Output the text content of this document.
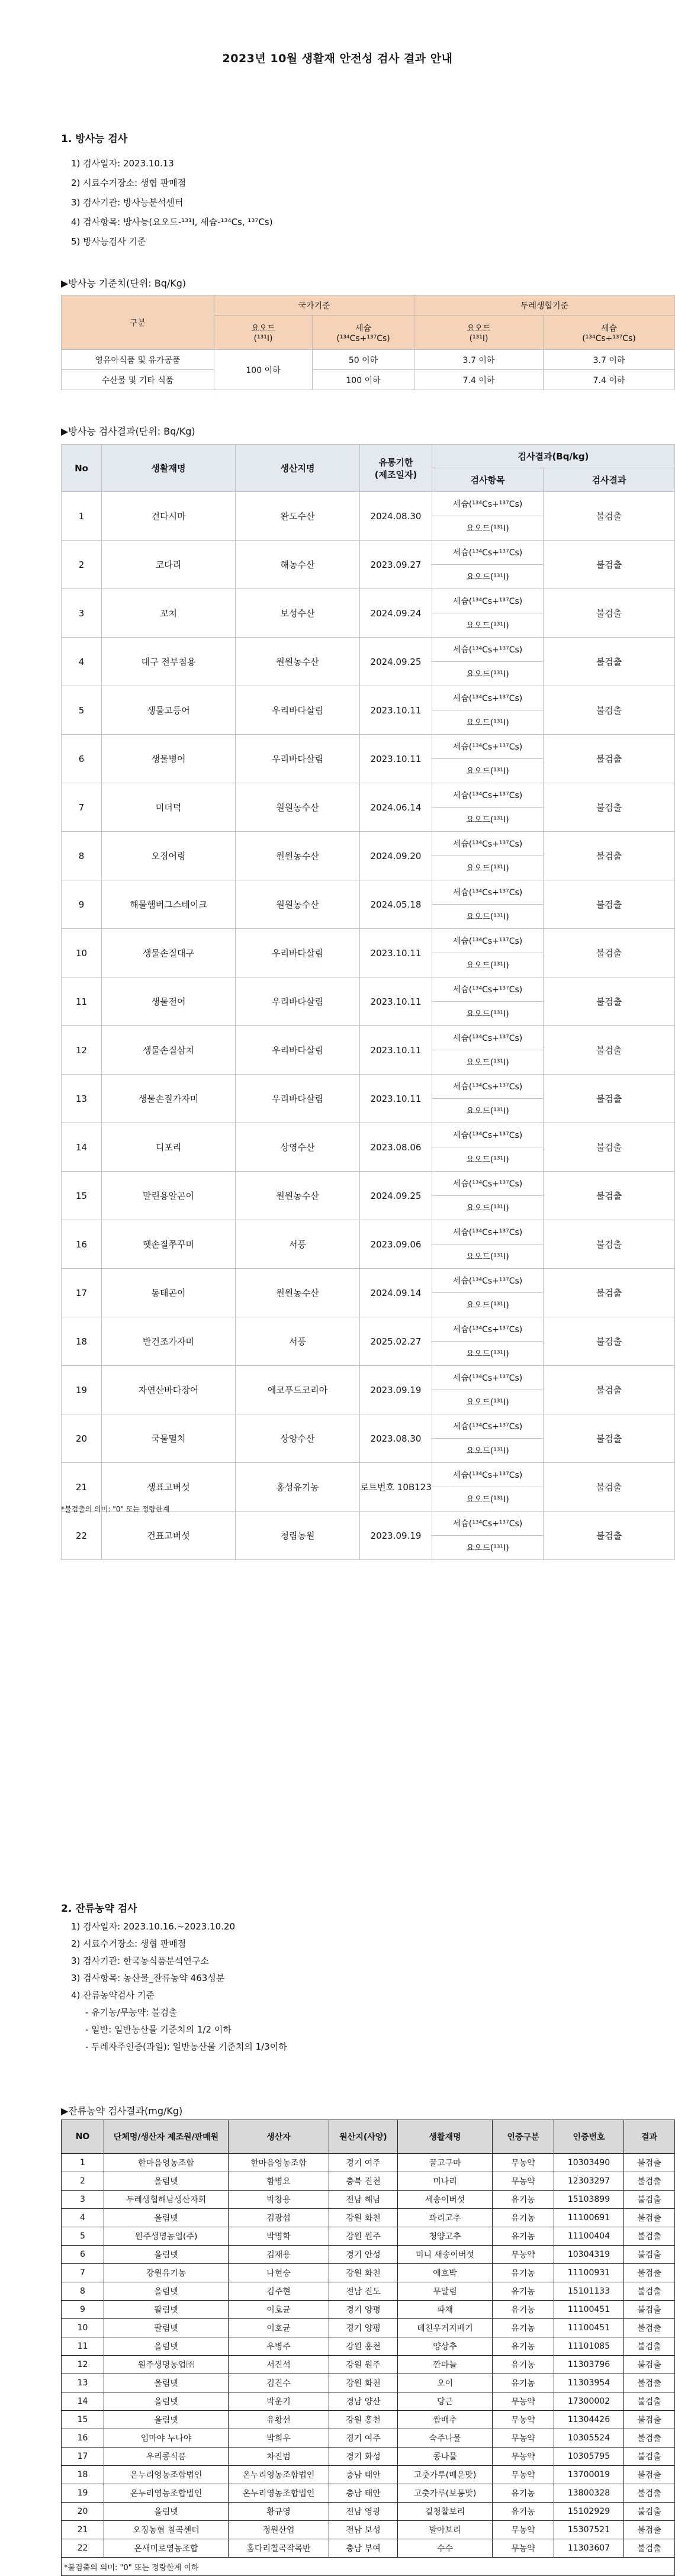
2023년 10월 생활재 안전성 검사 결과 안내
1. 방사능 검사
1) 검사일자: 2023.10.13
2) 시료수거장소: 생협 판매점
3) 검사기관: 방사능분석센터
4) 검사항목: 방사능(요오드-¹³¹I, 세슘-¹³⁴Cs, ¹³⁷Cs)
5) 방사능검사 기준
▶방사능 기준치(단위: Bq/Kg)
구분	국가기준		두레생협기준	
	요오드
(¹³¹I)	세슘
(¹³⁴Cs+¹³⁷Cs)	요오드
(¹³¹I)	세슘
(¹³⁴Cs+¹³⁷Cs)
영유아식품 및 유가공품	100 이하	50 이하	3.7 이하	3.7 이하
수산물 및 기타 식품		100 이하	7.4 이하	7.4 이하
▶방사능 검사결과(단위: Bq/Kg)
No	생활재명	생산지명	유통기한
(제조일자)	검사결과(Bq/kg)	
				검사항목	검사결과
1	건다시마	완도수산	2024.08.30	세슘(¹³⁴Cs+¹³⁷Cs)	불검출
				요오드(¹³¹I)	
2	코다리	해농수산	2023.09.27	세슘(¹³⁴Cs+¹³⁷Cs)	불검출
				요오드(¹³¹I)	
3	꼬치	보성수산	2024.09.24	세슘(¹³⁴Cs+¹³⁷Cs)	불검출
				요오드(¹³¹I)	
4	대구 전부침용	원원농수산	2024.09.25	세슘(¹³⁴Cs+¹³⁷Cs)	불검출
				요오드(¹³¹I)	
5	생물고등어	우리바다살림	2023.10.11	세슘(¹³⁴Cs+¹³⁷Cs)	불검출
				요오드(¹³¹I)	
6	생물병어	우리바다살림	2023.10.11	세슘(¹³⁴Cs+¹³⁷Cs)	불검출
				요오드(¹³¹I)	
7	미더덕	원원농수산	2024.06.14	세슘(¹³⁴Cs+¹³⁷Cs)	불검출
				요오드(¹³¹I)	
8	오징어링	원원농수산	2024.09.20	세슘(¹³⁴Cs+¹³⁷Cs)	불검출
				요오드(¹³¹I)	
9	해물햄버그스테이크	원원농수산	2024.05.18	세슘(¹³⁴Cs+¹³⁷Cs)	불검출
				요오드(¹³¹I)	
10	생물손질대구	우리바다살림	2023.10.11	세슘(¹³⁴Cs+¹³⁷Cs)	불검출
				요오드(¹³¹I)	
11	생물전어	우리바다살림	2023.10.11	세슘(¹³⁴Cs+¹³⁷Cs)	불검출
				요오드(¹³¹I)	
12	생물손질삼치	우리바다살림	2023.10.11	세슘(¹³⁴Cs+¹³⁷Cs)	불검출
				요오드(¹³¹I)	
13	생물손질가자미	우리바다살림	2023.10.11	세슘(¹³⁴Cs+¹³⁷Cs)	불검출
				요오드(¹³¹I)	
14	디포리	상영수산	2023.08.06	세슘(¹³⁴Cs+¹³⁷Cs)	불검출
				요오드(¹³¹I)	
15	말린용알곤이	원원농수산	2024.09.25	세슘(¹³⁴Cs+¹³⁷Cs)	불검출
				요오드(¹³¹I)	
16	햇손질쭈꾸미	서풍	2023.09.06	세슘(¹³⁴Cs+¹³⁷Cs)	불검출
				요오드(¹³¹I)	
17	동태곤이	원원농수산	2024.09.14	세슘(¹³⁴Cs+¹³⁷Cs)	불검출
				요오드(¹³¹I)	
18	반건조가자미	서풍	2025.02.27	세슘(¹³⁴Cs+¹³⁷Cs)	불검출
				요오드(¹³¹I)	
19	자연산바다장어	에코푸드코리아	2023.09.19	세슘(¹³⁴Cs+¹³⁷Cs)	불검출
				요오드(¹³¹I)	
20	국물멸치	상양수산	2023.08.30	세슘(¹³⁴Cs+¹³⁷Cs)	불검출
				요오드(¹³¹I)	
21	생표고버섯	홍성유기농	로트번호 10B123	세슘(¹³⁴Cs+¹³⁷Cs)	불검출
				요오드(¹³¹I)	
22	건표고버섯	청림농원	2023.09.19	세슘(¹³⁴Cs+¹³⁷Cs)	불검출
				요오드(¹³¹I)	
*불검출의 의미: "0" 또는 정량한계
2. 잔류농약 검사
1) 검사일자: 2023.10.16.~2023.10.20
2) 시료수거장소: 생협 판매점
3) 검사기관: 한국농식품분석연구소
3) 검사항목: 농산물_잔류농약 463성분
4) 잔류농약검사 기준
- 유기농/무농약: 불검출
- 일반: 일반농산물 기준치의 1/2 이하
- 두레자주인증(과일): 일반농산물 기준치의 1/3이하
▶잔류농약 검사결과(mg/Kg)
NO	단체명/생산자 제조원/판매원	생산자	원산지(사양)	생활재명	인증구분	인증번호	결과
1	한마음영농조합	한마음영농조합	경기 여주	꿀고구마	무농약	10303490	불검출
2	올림넷	함병요	충북 진천	미나리	무농약	12303297	불검출
3	두레생협해남생산자회	박창용	전남 해남	세송이버섯	유기농	15103899	불검출
4	올림넷	김광섭	강원 화천	꽈리고추	유기농	11100691	불검출
5	원주생명농업(주)	박명학	강원 원주	청양고추	유기농	11100404	불검출
6	올림넷	김재용	경기 안성	미니 새송이버섯	무농약	10304319	불검출
7	강원유기농	나현승	강원 화천	애호박	유기농	11100931	불검출
8	올림넷	김주현	전남 진도	무말림	유기농	15101133	불검출
9	팔림넷	이호균	경기 양평	파채	유기농	11100451	불검출
10	팔림넷	이호균	경기 양평	데친우거지배기	유기농	11100451	불검출
11	올림넷	우병주	강원 홍천	양상추	유기농	11101085	불검출
12	원주생명농업㈜	서진석	강원 원주	깐마늘	유기농	11303796	불검출
13	올림넷	김진수	강원 화천	오이	유기농	11303954	불검출
14	올림넷	박운기	경남 양산	당근	무농약	17300002	불검출
15	올림넷	유황선	강원 홍천	쌈배추	무농약	11304426	불검출
16	엄마야 누나야	박희우	경기 여주	숙주나물	무농약	10305524	불검출
17	우리콩식품	차진범	경기 화성	콩나물	무농약	10305795	불검출
18	온누리영농조합법인	온누리영농조합법인	충남 태안	고춧가루(매운맛)	무농약	13700019	불검출
19	온누리영농조합법인	온누리영농조합법인	충남 태안	고춧가루(보통맛)	유기농	13800328	불검출
20	올림넷	황규영	전남 영광	겉청찰보리	유기농	15102929	불검출
21	오징농협 칠곡센터	정원산업	전남 보성	발아보리	무농약	15307521	불검출
22	온새미로영농조합	홈다리칠곡작목반	충남 부여	수수	무농약	11303607	불검출
*불검출의 의미: "0" 또는 정량한계 이하							
